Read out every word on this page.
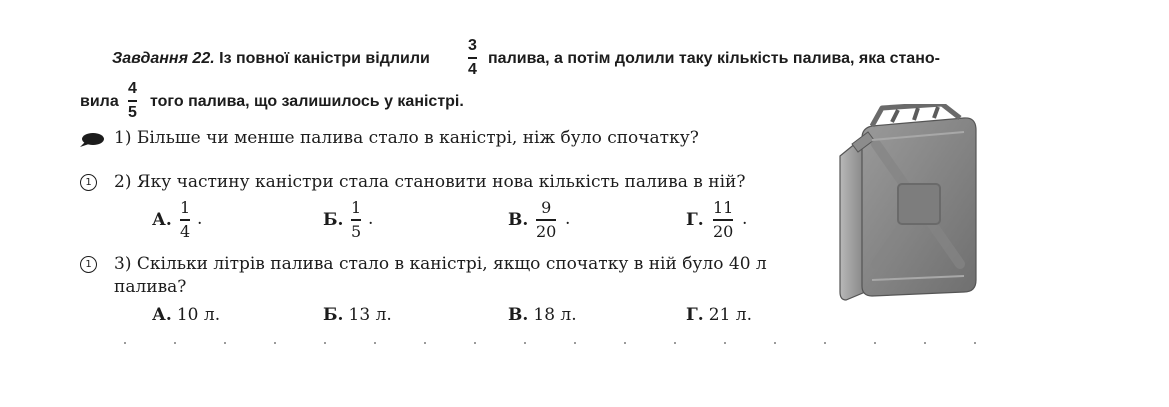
Завдання 22. Із повної каністри відлили
3
4
палива, а потім долили таку кількість палива, яка стано-
вила
4
5
того палива, що залишилось у каністрі.
1) Більше чи менше палива стало в каністрі, ніж було спочатку?
1	2) Яку частину каністри стала становити нова кількість палива в ній?
А.
1
4
.	Б.
1
5
.	В.
9
20
.	Г.
11
20
.
1	3) Скільки літрів палива стало в каністрі, якщо спочатку в ній було 40 л
палива?
А. 10 л.	Б. 13 л.	В. 18 л.	Г. 21 л.
